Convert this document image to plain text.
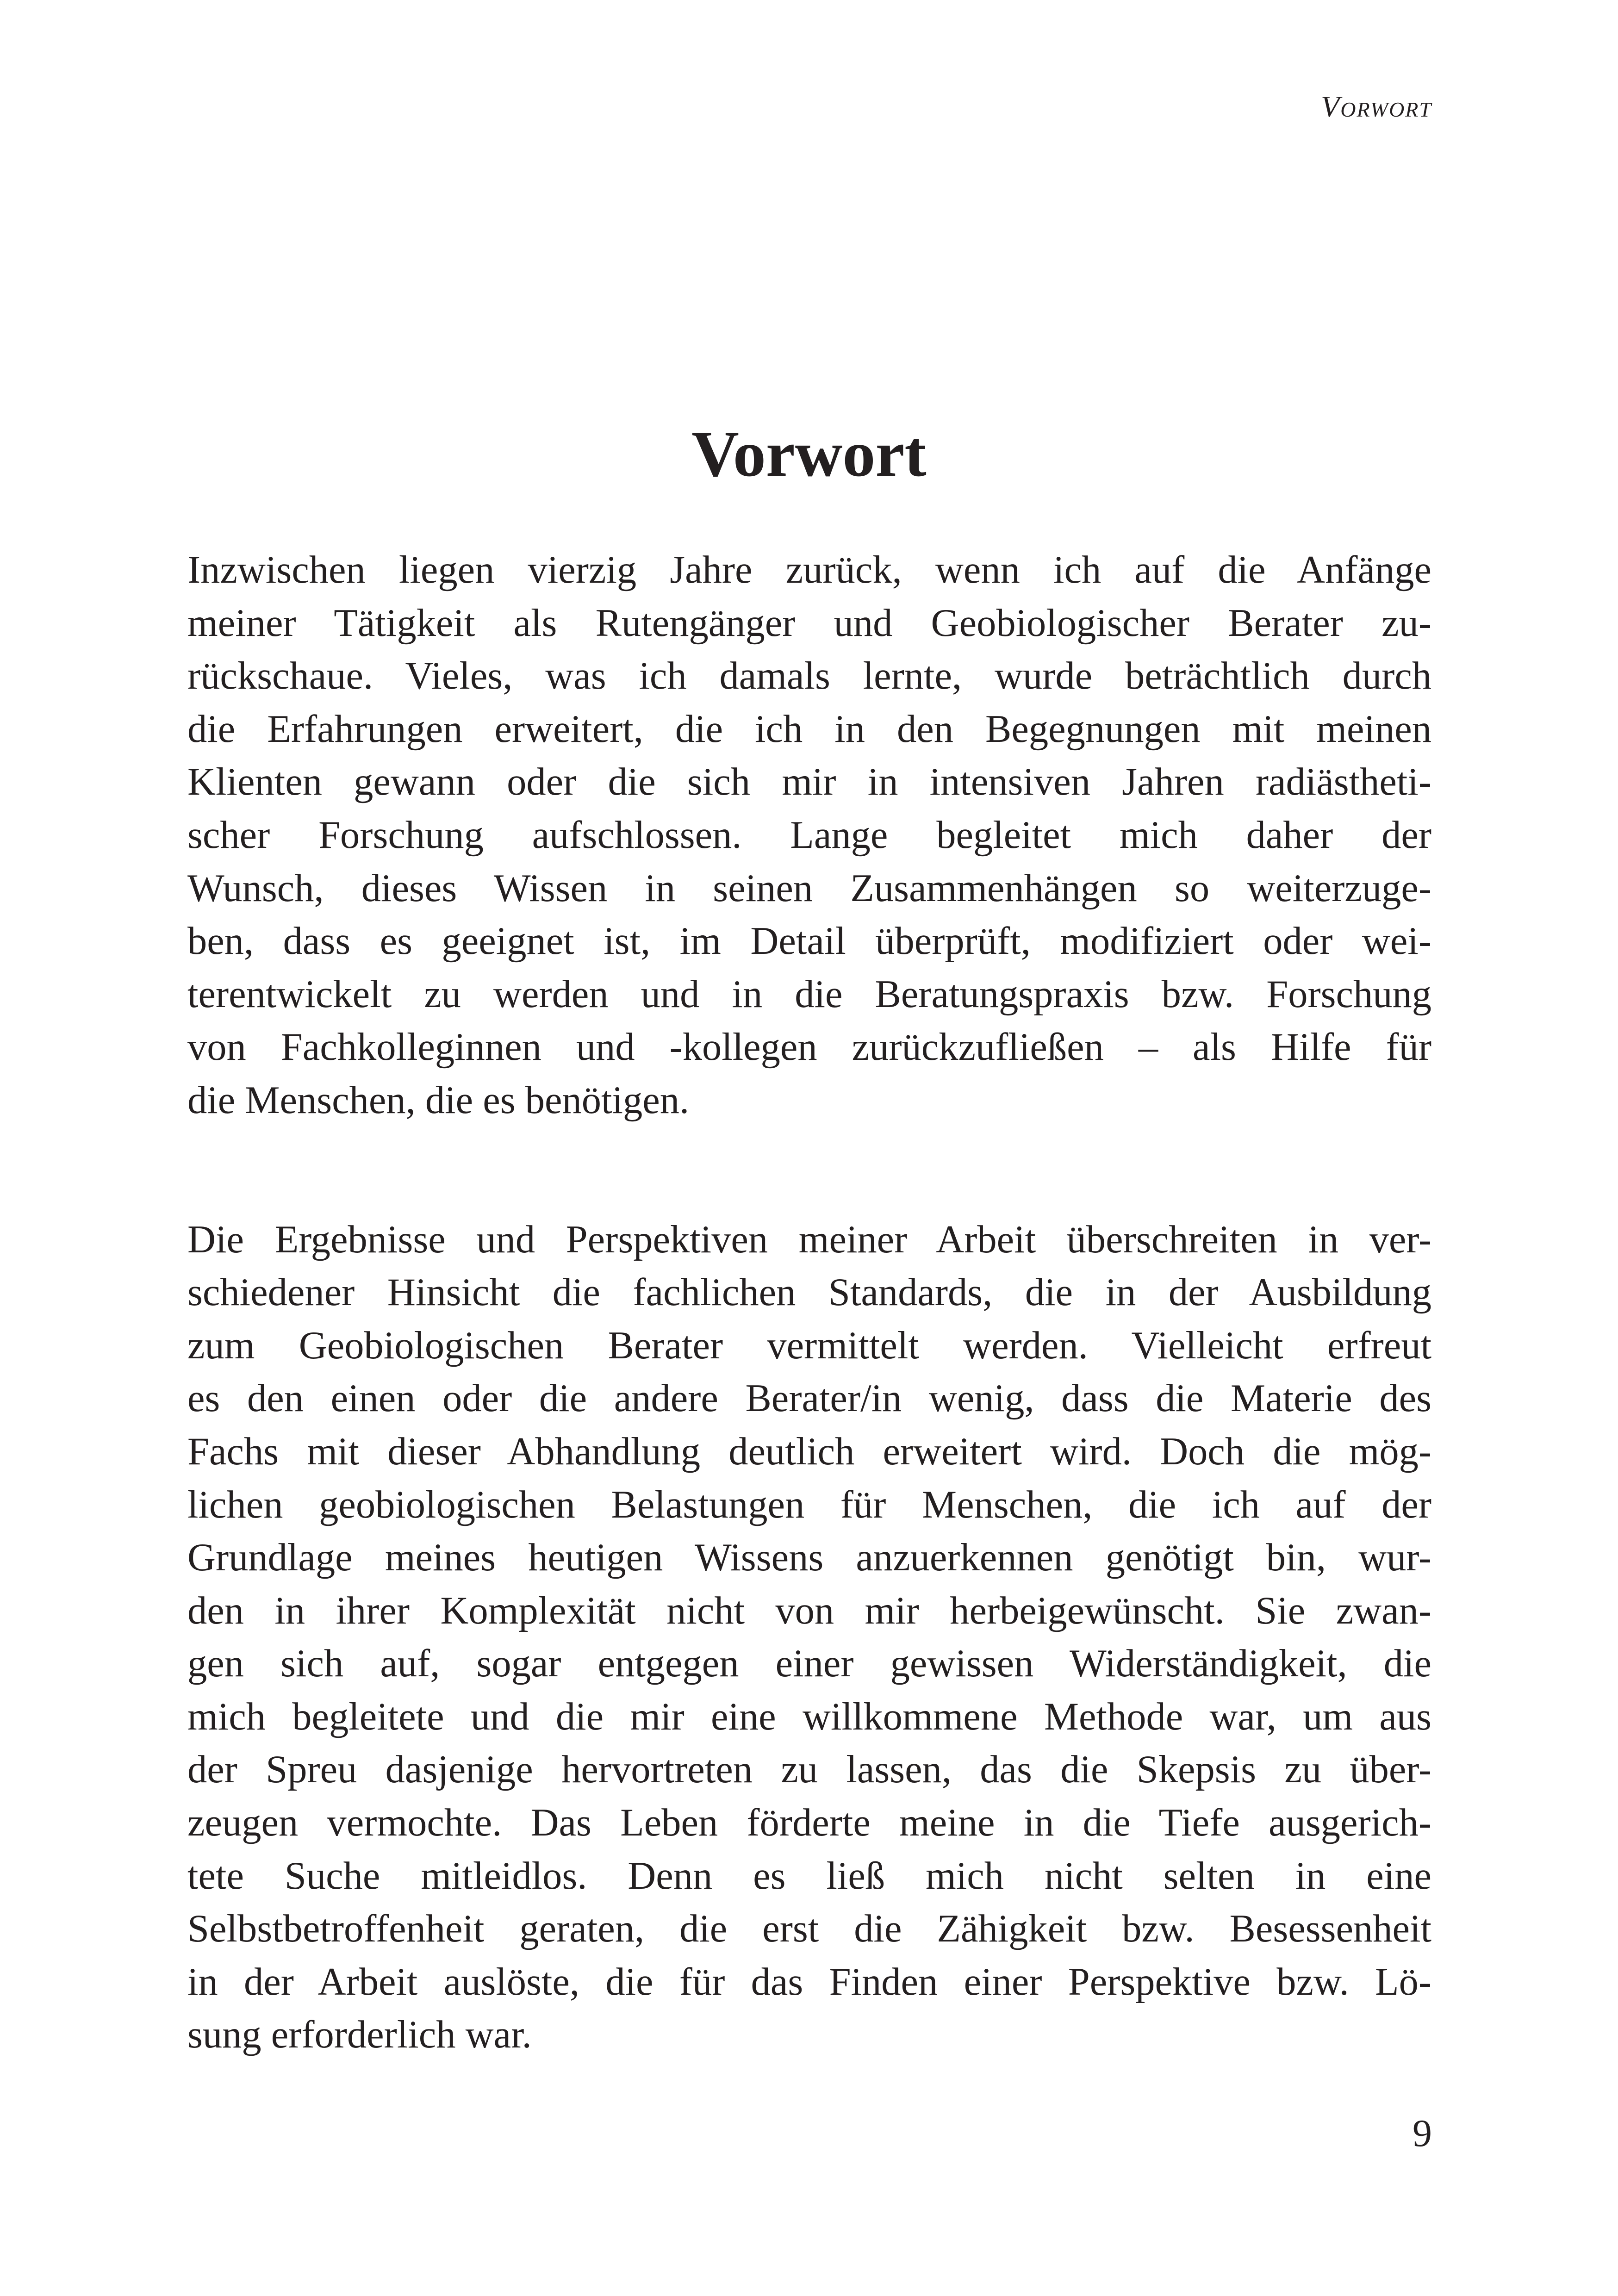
Vorwort
Vorwort

Inzwischen liegen vierzig Jahre zurück, wenn ich auf die Anfänge
meiner Tätigkeit als Rutengänger und Geobiologischer Berater zu-
rückschaue. Vieles, was ich damals lernte, wurde beträchtlich durch
die Erfahrungen erweitert, die ich in den Begegnungen mit meinen
Klienten gewann oder die sich mir in intensiven Jahren radiästheti-
scher Forschung aufschlossen. Lange begleitet mich daher der
Wunsch, dieses Wissen in seinen Zusammenhängen so weiterzuge-
ben, dass es geeignet ist, im Detail überprüft, modifiziert oder wei-
terentwickelt zu werden und in die Beratungspraxis bzw. Forschung
von Fachkolleginnen und -kollegen zurückzufließen – als Hilfe für
die Menschen, die es benötigen.

Die Ergebnisse und Perspektiven meiner Arbeit überschreiten in ver-
schiedener Hinsicht die fachlichen Standards, die in der Ausbildung
zum Geobiologischen Berater vermittelt werden. Vielleicht erfreut
es den einen oder die andere Berater/in wenig, dass die Materie des
Fachs mit dieser Abhandlung deutlich erweitert wird. Doch die mög-
lichen geobiologischen Belastungen für Menschen, die ich auf der
Grundlage meines heutigen Wissens anzuerkennen genötigt bin, wur-
den in ihrer Komplexität nicht von mir herbeigewünscht. Sie zwan-
gen sich auf, sogar entgegen einer gewissen Widerständigkeit, die
mich begleitete und die mir eine willkommene Methode war, um aus
der Spreu dasjenige hervortreten zu lassen, das die Skepsis zu über-
zeugen vermochte. Das Leben förderte meine in die Tiefe ausgerich-
tete Suche mitleidlos. Denn es ließ mich nicht selten in eine
Selbstbetroffenheit geraten, die erst die Zähigkeit bzw. Besessenheit
in der Arbeit auslöste, die für das Finden einer Perspektive bzw. Lö-
sung erforderlich war.

9
